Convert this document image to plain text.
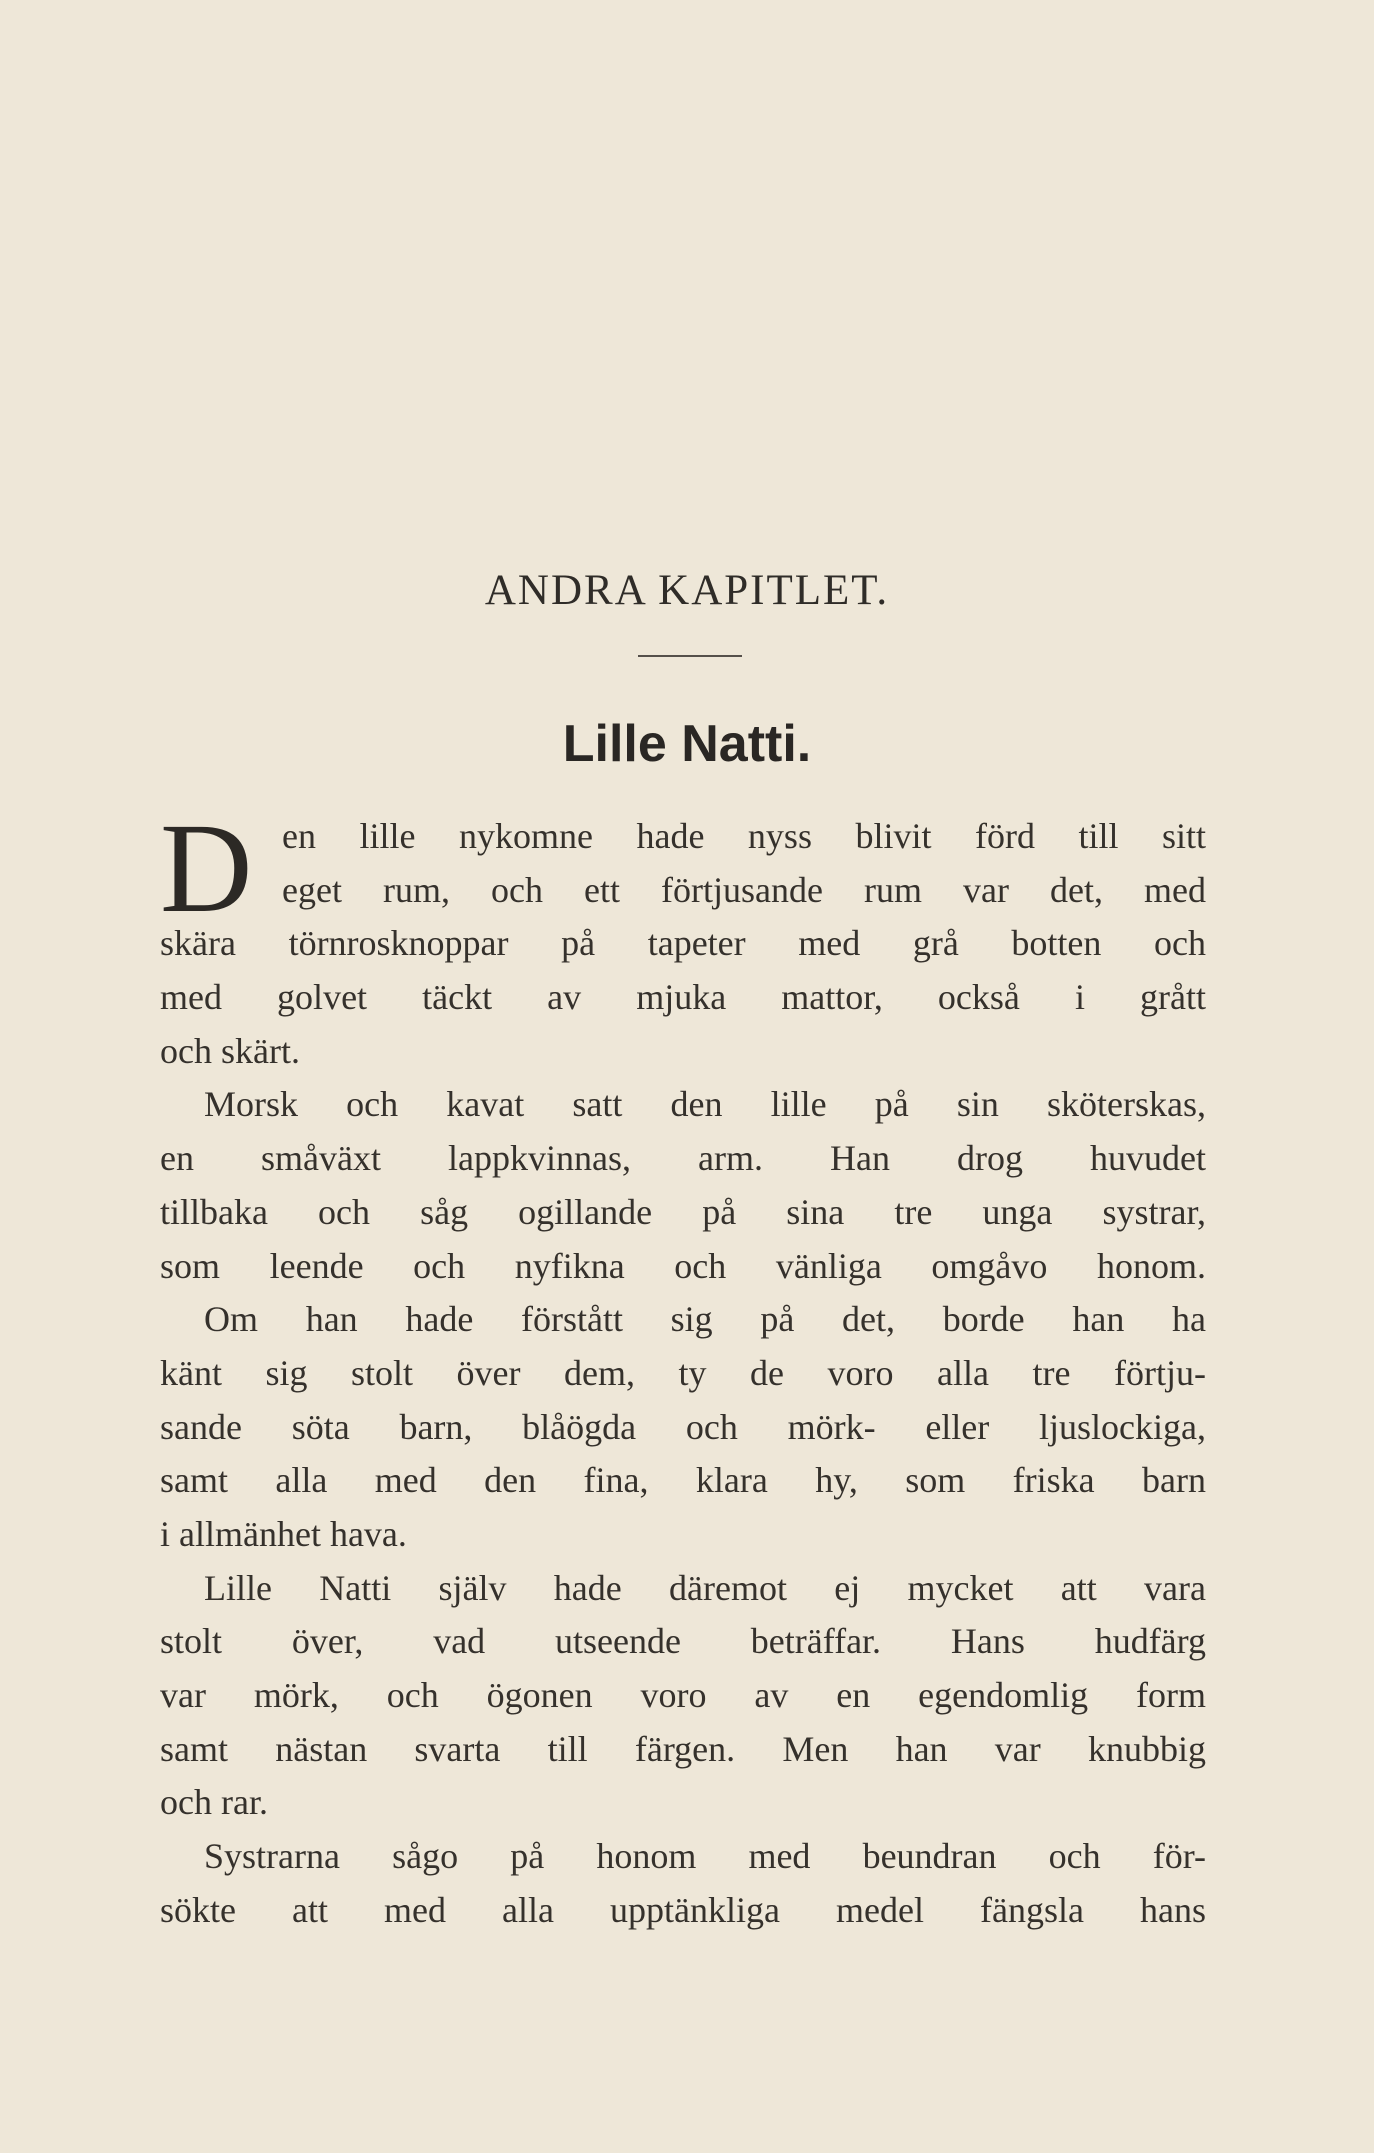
ANDRA KAPITLET.
Lille Natti.
D en lille nykomne hade nyss blivit förd till sitt
eget rum, och ett förtjusande rum var det, med
skära törnrosknoppar på tapeter med grå botten och
med golvet täckt av mjuka mattor, också i grått
och skärt.
Morsk och kavat satt den lille på sin sköterskas,
en småväxt lappkvinnas, arm. Han drog huvudet
tillbaka och såg ogillande på sina tre unga systrar,
som leende och nyfikna och vänliga omgåvo honom.
Om han hade förstått sig på det, borde han ha
känt sig stolt över dem, ty de voro alla tre förtju-
sande söta barn, blåögda och mörk- eller ljuslockiga,
samt alla med den fina, klara hy, som friska barn
i allmänhet hava.
Lille Natti själv hade däremot ej mycket att vara
stolt över, vad utseende beträffar. Hans hudfärg
var mörk, och ögonen voro av en egendomlig form
samt nästan svarta till färgen. Men han var knubbig
och rar.
Systrarna sågo på honom med beundran och för-
sökte att med alla upptänkliga medel fängsla hans
